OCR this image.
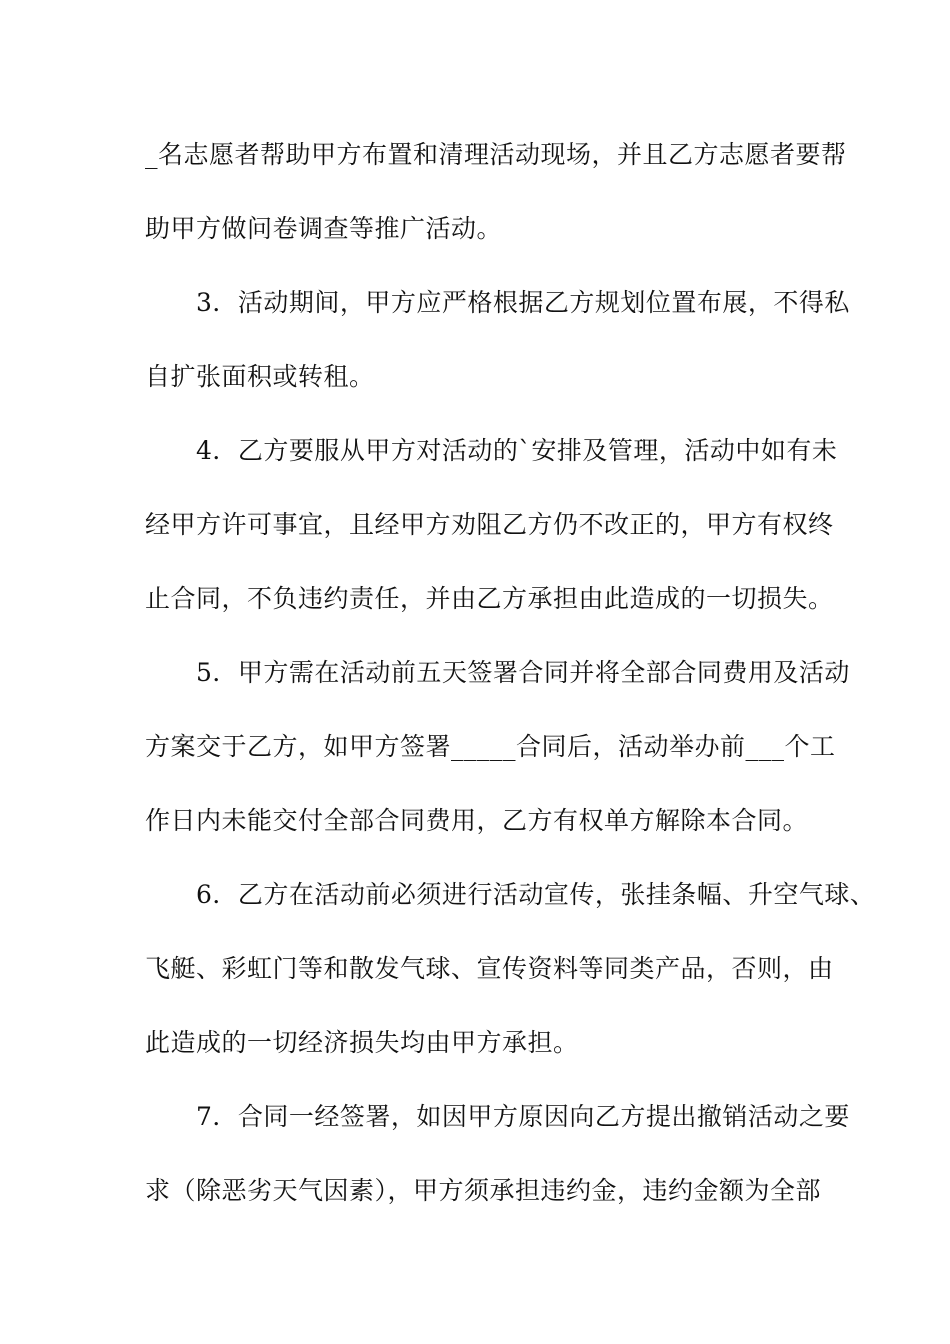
_名志愿者帮助甲方布置和清理活动现场，并且乙方志愿者要帮
助甲方做问卷调查等推广活动。
　　3．活动期间，甲方应严格根据乙方规划位置布展，不得私
自扩张面积或转租。
　　4．乙方要服从甲方对活动的`安排及管理，活动中如有未
经甲方许可事宜，且经甲方劝阻乙方仍不改正的，甲方有权终
止合同，不负违约责任，并由乙方承担由此造成的一切损失。
　　5．甲方需在活动前五天签署合同并将全部合同费用及活动
方案交于乙方，如甲方签署_____合同后，活动举办前___个工
作日内未能交付全部合同费用，乙方有权单方解除本合同。
　　6．乙方在活动前必须进行活动宣传，张挂条幅、升空气球、
飞艇、彩虹门等和散发气球、宣传资料等同类产品，否则，由
此造成的一切经济损失均由甲方承担。
　　7．合同一经签署，如因甲方原因向乙方提出撤销活动之要
求（除恶劣天气因素），甲方须承担违约金，违约金额为全部
